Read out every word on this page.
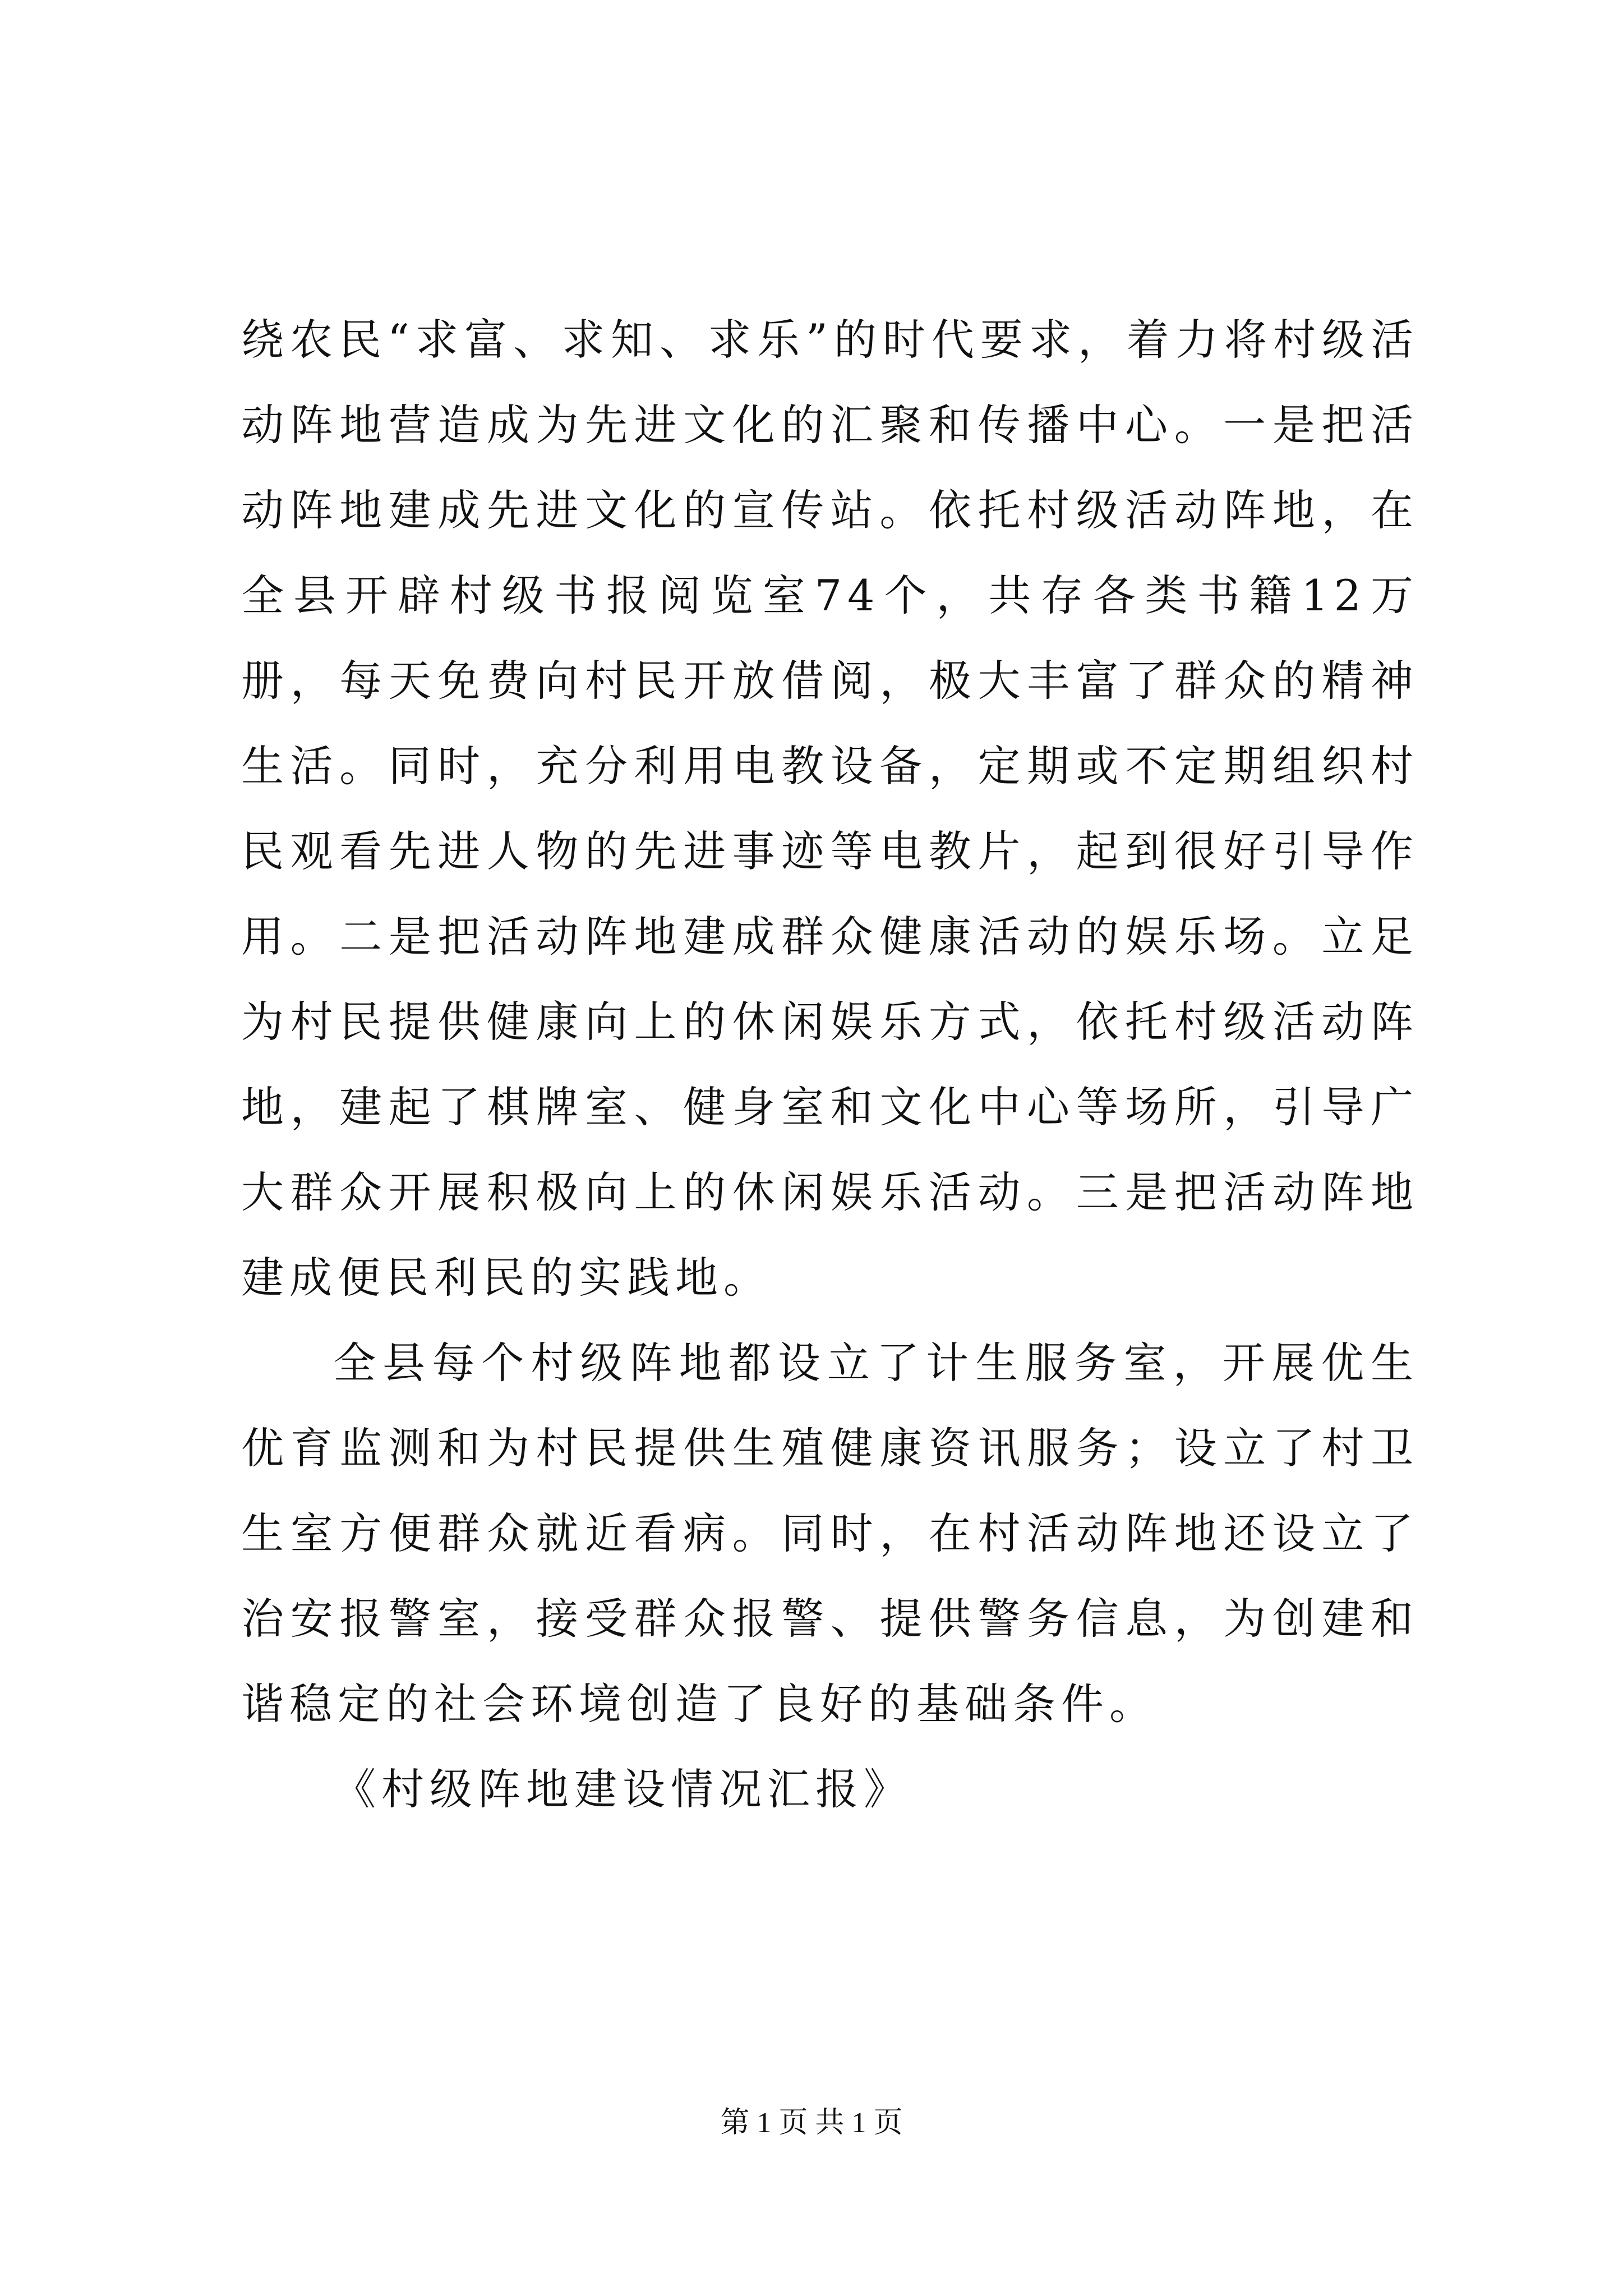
绕农民“求富、求知、求乐”的时代要求，着力将村级活动阵地营造成为先进文化的汇聚和传播中心。一是把活动阵地建成先进文化的宣传站。依托村级活动阵地，在全县开辟村级书报阅览室74个，共存各类书籍12万册，每天免费向村民开放借阅，极大丰富了群众的精神生活。同时，充分利用电教设备，定期或不定期组织村民观看先进人物的先进事迹等电教片，起到很好引导作用。二是把活动阵地建成群众健康活动的娱乐场。立足为村民提供健康向上的休闲娱乐方式，依托村级活动阵地，建起了棋牌室、健身室和文化中心等场所，引导广大群众开展积极向上的休闲娱乐活动。三是把活动阵地建成便民利民的实践地。

全县每个村级阵地都设立了计生服务室，开展优生优育监测和为村民提供生殖健康资讯服务；设立了村卫生室方便群众就近看病。同时，在村活动阵地还设立了治安报警室，接受群众报警、提供警务信息，为创建和谐稳定的社会环境创造了良好的基础条件。

《村级阵地建设情况汇报》

第 1 页 共 1 页
